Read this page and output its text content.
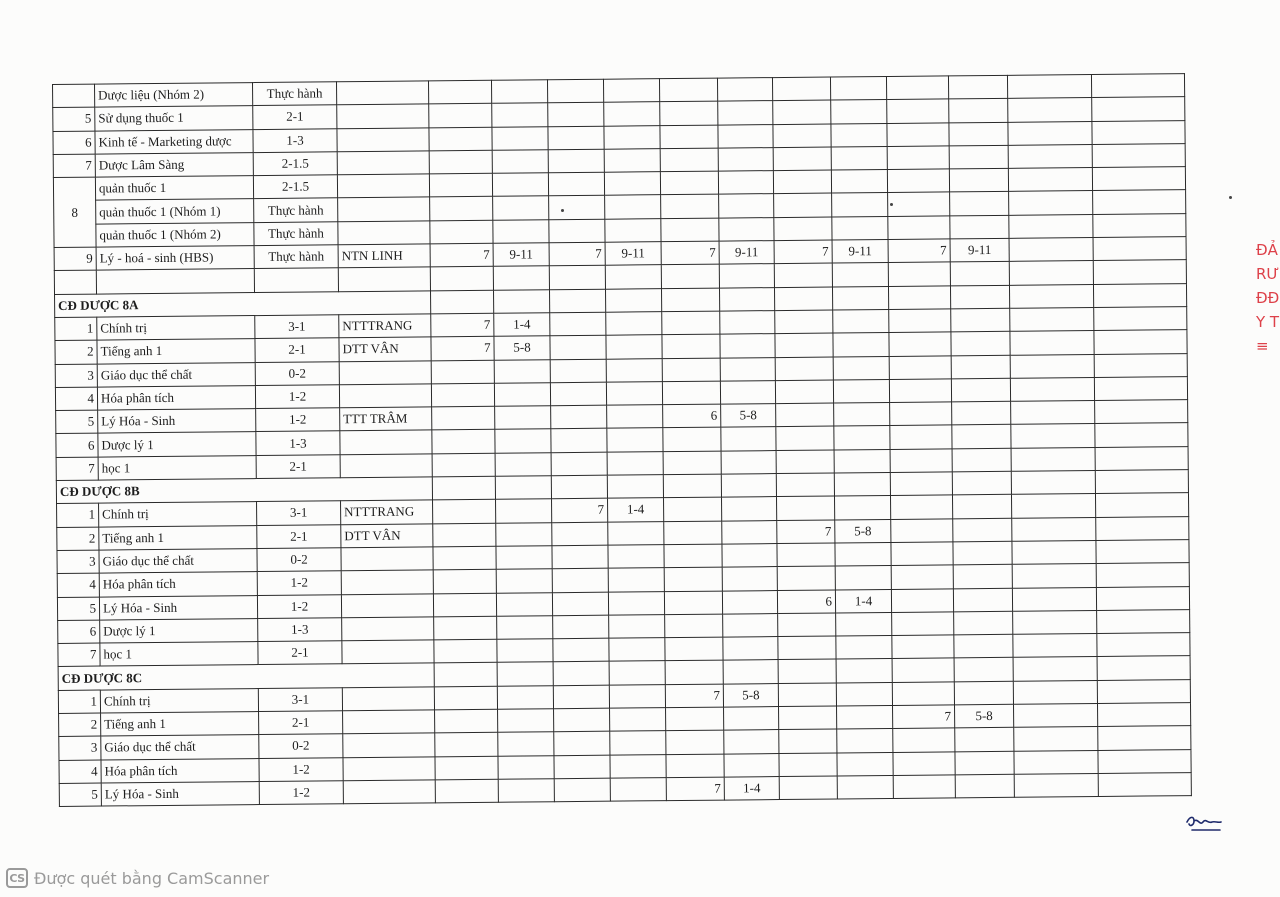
	Dược liệu (Nhóm 2)	Thực hành													
5	Sử dụng thuốc 1	2-1													
6	Kinh tế - Marketing dược	1-3													
7	Dược Lâm Sàng	2-1.5													
8	quản thuốc 1	2-1.5													
	quản thuốc 1 (Nhóm 1)	Thực hành													
	quản thuốc 1 (Nhóm 2)	Thực hành													
9	Lý - hoá - sinh (HBS)	Thực hành	NTN LINH	7	9-11	7	9-11	7	9-11	7	9-11	7	9-11		

CĐ DƯỢC 8A															
1	Chính trị	3-1	NTTTRANG	7	1-4										
2	Tiếng anh 1	2-1	DTT VÂN	7	5-8										
3	Giáo dục thể chất	0-2													
4	Hóa phân tích	1-2													
5	Lý Hóa - Sinh	1-2	TTT TRÂM					6	5-8						
6	Dược lý 1	1-3													
7	học 1	2-1													
CĐ DƯỢC 8B															
1	Chính trị	3-1	NTTTRANG			7	1-4								
2	Tiếng anh 1	2-1	DTT VÂN							7	5-8				
3	Giáo dục thể chất	0-2													
4	Hóa phân tích	1-2													
5	Lý Hóa - Sinh	1-2								6	1-4				
6	Dược lý 1	1-3													
7	học 1	2-1													
CĐ DƯỢC 8C															
1	Chính trị	3-1						7	5-8						
2	Tiếng anh 1	2-1										7	5-8		
3	Giáo dục thể chất	0-2													
4	Hóa phân tích	1-2													
5	Lý Hóa - Sinh	1-2						7	1-4						
ĐẢ
RƯ
ĐĐ
Y T
≡
CS Được quét bằng CamScanner
